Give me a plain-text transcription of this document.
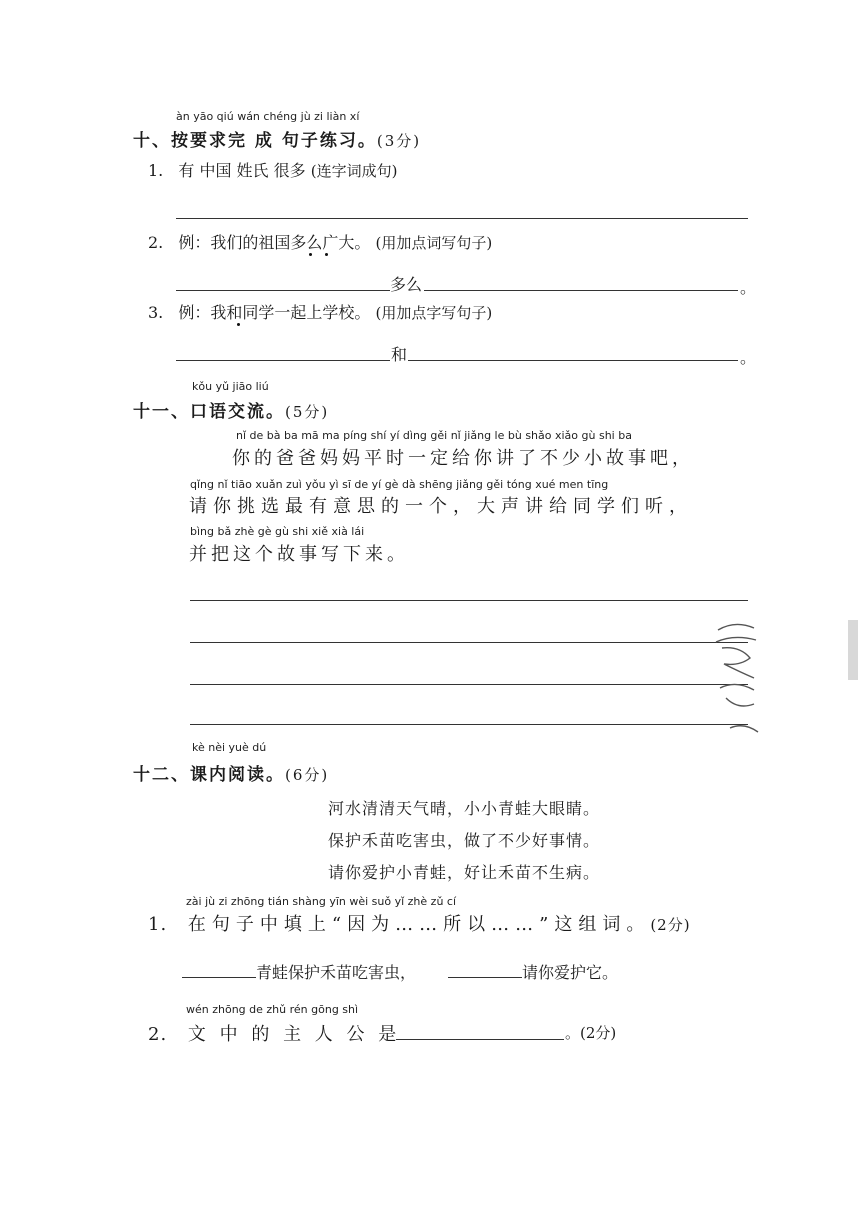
àn yāo qiú wán chéng jù zi liàn xí
十、按要求完 成 句子练习。(3分)
1. 有 中国 姓氏 很多 (连字词成句)
2. 例：我们的祖国多么广大。 (用加点词写句子)
多么	。
3. 例：我和同学一起上学校。 (用加点字写句子)
和	。
kǒu yǔ jiāo liú
十一、口语交流。(5分)
nǐ de bà ba mā ma píng shí yí dìng gěi nǐ jiǎng le bù shǎo xiǎo gù shi ba
你的爸爸妈妈平时一定给你讲了不少小故事吧，
qǐng nǐ tiāo xuǎn zuì yǒu yì sī de yí gè dà shēng jiǎng gěi tóng xué men tīng
请你挑选最有意思的一个，大声讲给同学们听，
bìng bǎ zhè gè gù shi xiě xià lái
并把这个故事写下来。
kè nèi yuè dú
十二、课内阅读。(6分)
河水清清天气晴，小小青蛙大眼睛。
保护禾苗吃害虫，做了不少好事情。
请你爱护小青蛙，好让禾苗不生病。
zài jù zi zhōng tián shàng yīn wèi suǒ yǐ zhè zǔ cí
1. 在句子中填上“因为……所以……”这组词。(2分)
青蛙保护禾苗吃害虫，	请你爱护它。
wén zhōng de zhǔ rén gōng shì
2. 文 中 的 主 人 公 是	。(2分)
